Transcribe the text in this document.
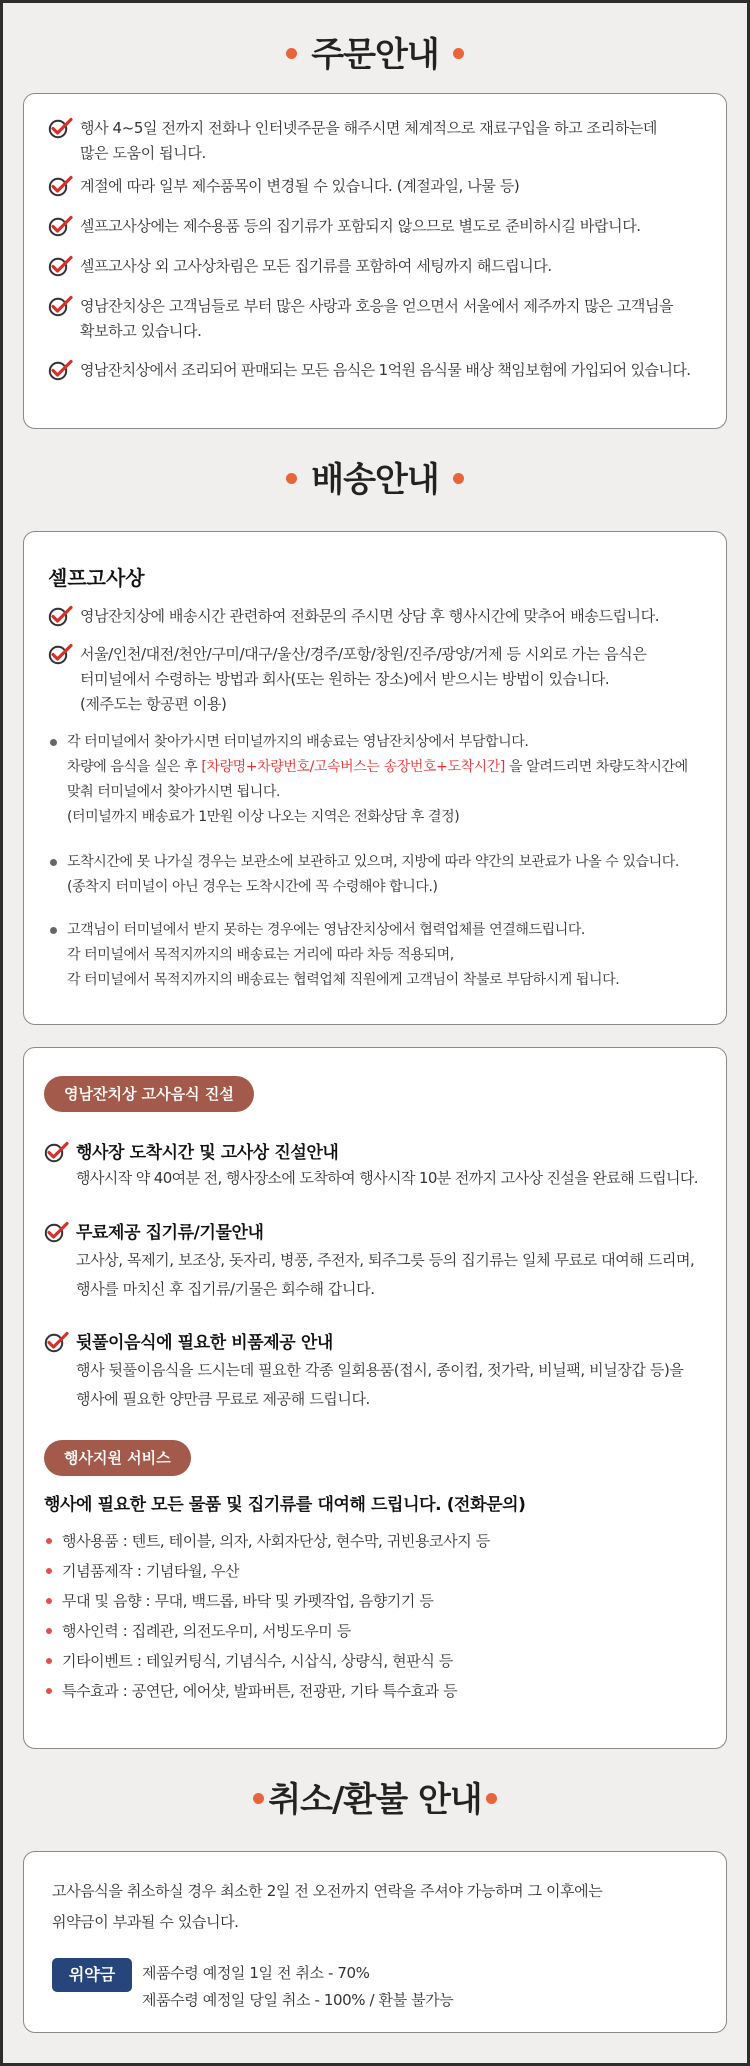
주문안내
행사 4~5일 전까지 전화나 인터넷주문을 해주시면 체계적으로 재료구입을 하고 조리하는데
많은 도움이 됩니다.
계절에 따라 일부 제수품목이 변경될 수 있습니다. (계절과일, 나물 등)
셀프고사상에는 제수용품 등의 집기류가 포함되지 않으므로 별도로 준비하시길 바랍니다.
셀프고사상 외 고사상차림은 모든 집기류를 포함하여 세팅까지 해드립니다.
영남잔치상은 고객님들로 부터 많은 사랑과 호응을 얻으면서 서울에서 제주까지 많은 고객님을
확보하고 있습니다.
영남잔치상에서 조리되어 판매되는 모든 음식은 1억원 음식물 배상 책임보험에 가입되어 있습니다.
배송안내
셀프고사상
영남잔치상에 배송시간 관련하여 전화문의 주시면 상담 후 행사시간에 맞추어 배송드립니다.
서울/인천/대전/천안/구미/대구/울산/경주/포항/창원/진주/광양/거제 등 시외로 가는 음식은
터미널에서 수령하는 방법과 회사(또는 원하는 장소)에서 받으시는 방법이 있습니다.
(제주도는 항공편 이용)
각 터미널에서 찾아가시면 터미널까지의 배송료는 영남잔치상에서 부담합니다.
차량에 음식을 실은 후 [차량명+차량번호/고속버스는 송장번호+도착시간] 을 알려드리면 차량도착시간에
맞춰 터미널에서 찾아가시면 됩니다.
(터미널까지 배송료가 1만원 이상 나오는 지역은 전화상담 후 결정)
도착시간에 못 나가실 경우는 보관소에 보관하고 있으며, 지방에 따라 약간의 보관료가 나올 수 있습니다.
(종착지 터미널이 아닌 경우는 도착시간에 꼭 수령해야 합니다.)
고객님이 터미널에서 받지 못하는 경우에는 영남잔치상에서 협력업체를 연결해드립니다.
각 터미널에서 목적지까지의 배송료는 거리에 따라 차등 적용되며,
각 터미널에서 목적지까지의 배송료는 협력업체 직원에게 고객님이 착불로 부담하시게 됩니다.
영남잔치상 고사음식 진설
행사장 도착시간 및 고사상 진설안내
행사시작 약 40여분 전, 행사장소에 도착하여 행사시작 10분 전까지 고사상 진설을 완료해 드립니다.
무료제공 집기류/기물안내
고사상, 목제기, 보조상, 돗자리, 병풍, 주전자, 퇴주그릇 등의 집기류는 일체 무료로 대여해 드리며,
행사를 마치신 후 집기류/기물은 회수해 갑니다.
뒷풀이음식에 필요한 비품제공 안내
행사 뒷풀이음식을 드시는데 필요한 각종 일회용품(접시, 종이컵, 젓가락, 비닐팩, 비닐장갑 등)을
행사에 필요한 양만큼 무료로 제공해 드립니다.
행사지원 서비스
행사에 필요한 모든 물품 및 집기류를 대여해 드립니다. (전화문의)
행사용품 : 텐트, 테이블, 의자, 사회자단상, 현수막, 귀빈용코사지 등
기념품제작 : 기념타월, 우산
무대 및 음향 : 무대, 백드롭, 바닥 및 카펫작업, 음향기기 등
행사인력 : 집례관, 의전도우미, 서빙도우미 등
기타이벤트 : 테잎커팅식, 기념식수, 시삽식, 상량식, 현판식 등
특수효과 : 공연단, 에어샷, 발파버튼, 전광판, 기타 특수효과 등
취소/환불 안내
고사음식을 취소하실 경우 최소한 2일 전 오전까지 연락을 주셔야 가능하며 그 이후에는
위약금이 부과될 수 있습니다.
위약금	제품수령 예정일 1일 전 취소 - 70%
제품수령 예정일 당일 취소 - 100% / 환불 불가능
